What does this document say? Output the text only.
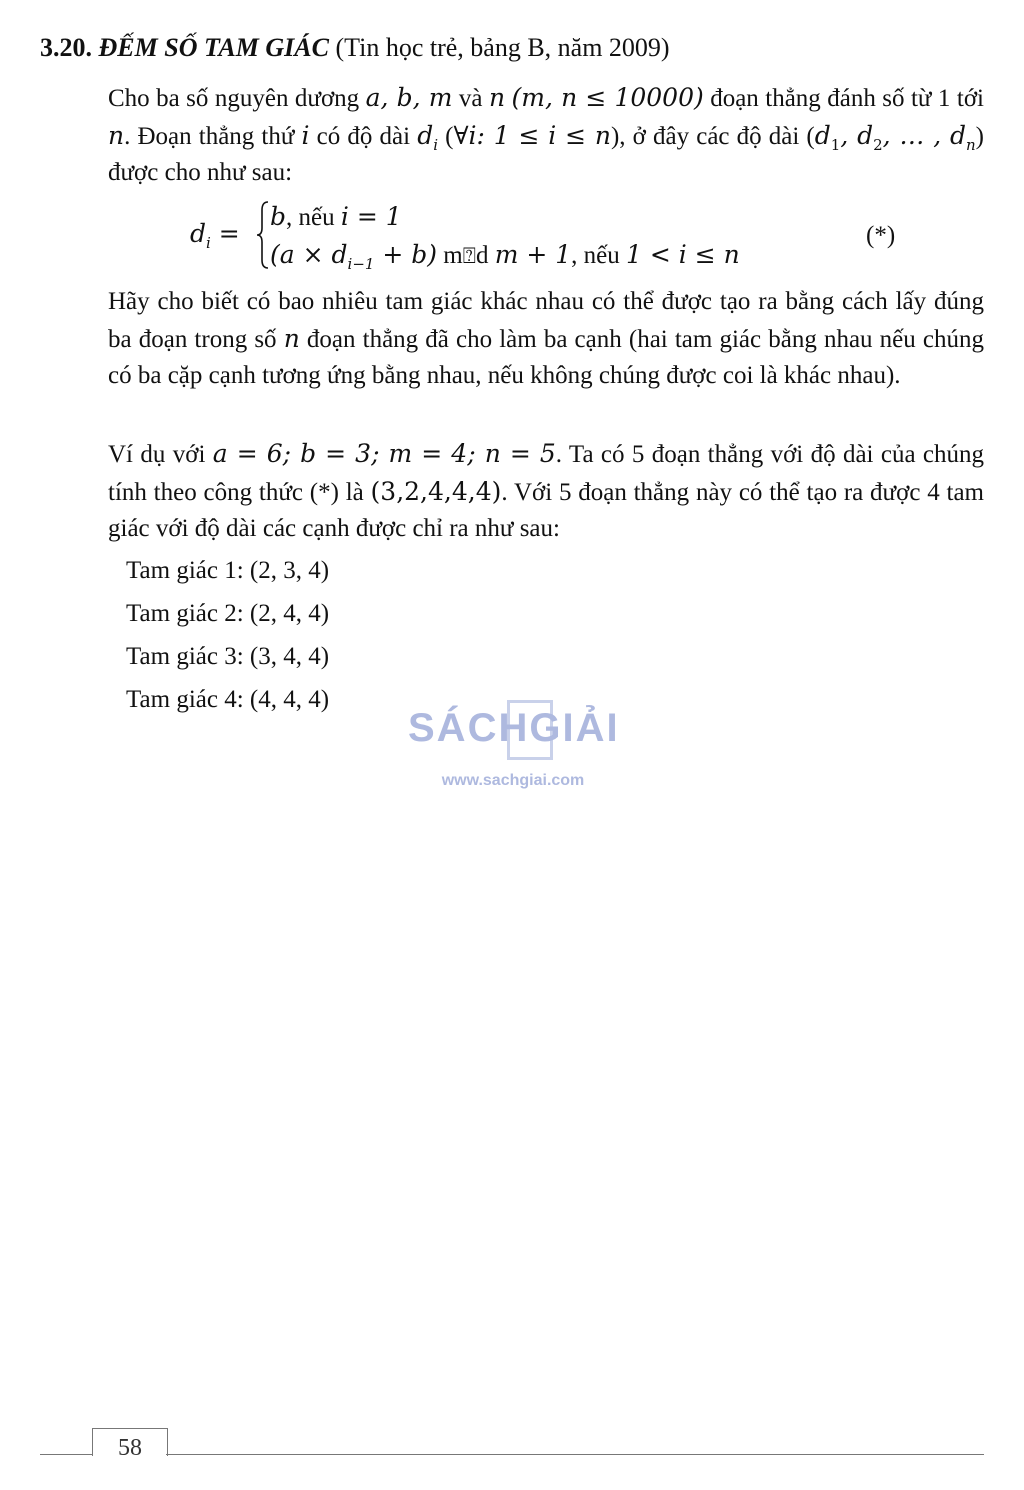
3.20. ĐẾM SỐ TAM GIÁC (Tin học trẻ, bảng B, năm 2009)
Cho ba số nguyên dương a, b, m và n (m, n ≤ 10000) đoạn thẳng đánh số từ 1 tới n. Đoạn thẳng thứ i có độ dài $d_i$ (∀i: 1 ≤ i ≤ n), ở đây các độ dài ($d_1$, $d_2$, … , $d_n$) được cho như sau:
$d_i$ =
b, nếu i = 1
$(a \times d_{i-1} + b)$ m⍰d m + 1, nếu 1 < i ≤ n
(*)
Hãy cho biết có bao nhiêu tam giác khác nhau có thể được tạo ra bằng cách lấy đúng ba đoạn trong số n đoạn thẳng đã cho làm ba cạnh (hai tam giác bằng nhau nếu chúng có ba cặp cạnh tương ứng bằng nhau, nếu không chúng được coi là khác nhau).
Ví dụ với a = 6; b = 3; m = 4; n = 5. Ta có 5 đoạn thẳng với độ dài của chúng tính theo công thức (*) là (3,2,4,4,4). Với 5 đoạn thẳng này có thể tạo ra được 4 tam giác với độ dài các cạnh được chỉ ra như sau:
Tam giác 1: (2, 3, 4)
Tam giác 2: (2, 4, 4)
Tam giác 3: (3, 4, 4)
Tam giác 4: (4, 4, 4)
SÁCHGIẢI
www.sachgiai.com
58
